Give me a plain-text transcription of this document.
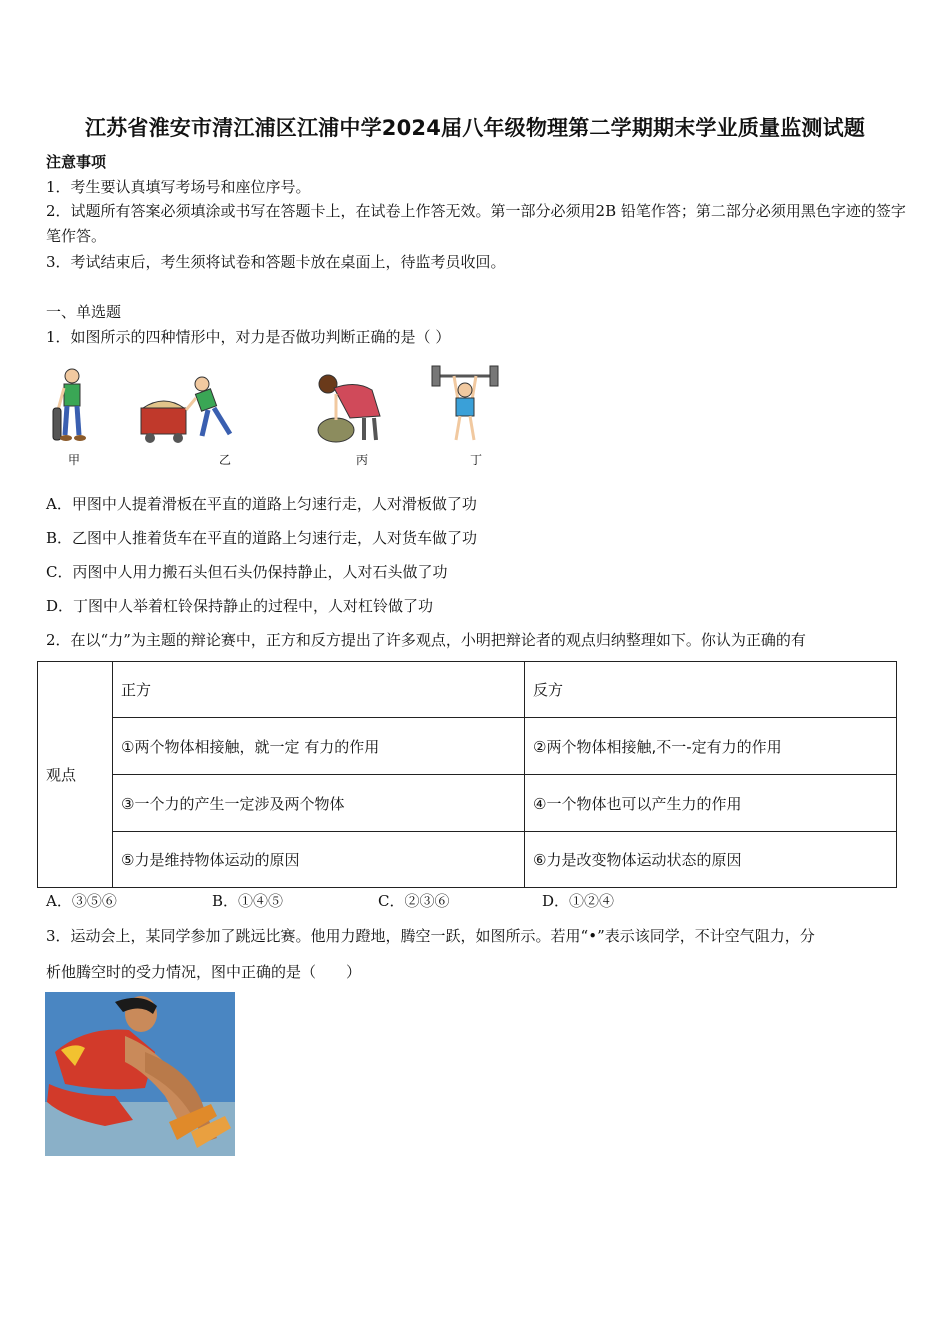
江苏省淮安市清江浦区江浦中学2024届八年级物理第二学期期末学业质量监测试题
注意事项
1．考生要认真填写考场号和座位序号。
2．试题所有答案必须填涂或书写在答题卡上，在试卷上作答无效。第一部分必须用2B 铅笔作答；第二部分必须用黑色字迹的签字笔作答。
3．考试结束后，考生须将试卷和答题卡放在桌面上，待监考员收回。
一、单选题
1．如图所示的四种情形中，对力是否做功判断正确的是（ ）
甲	乙	丙	丁
A．甲图中人提着滑板在平直的道路上匀速行走，人对滑板做了功
B．乙图中人推着货车在平直的道路上匀速行走，人对货车做了功
C．丙图中人用力搬石头但石头仍保持静止，人对石头做了功
D．丁图中人举着杠铃保持静止的过程中，人对杠铃做了功
2．在以“力”为主题的辩论赛中，正方和反方提出了许多观点，小明把辩论者的观点归纳整理如下。你认为正确的有
观点	正方	反方
	①两个物体相接触，就一定 有力的作用	②两个物体相接触,不一-定有力的作用
	③一个力的产生一定涉及两个物体	④一个物体也可以产生力的作用
	⑤力是维持物体运动的原因	⑥力是改变物体运动状态的原因
A．③⑤⑥	B．①④⑤	C．②③⑥	D．①②④
3．运动会上，某同学参加了跳远比赛。他用力蹬地，腾空一跃，如图所示。若用“•”表示该同学，不计空气阻力，分
析他腾空时的受力情况，图中正确的是（　　）
